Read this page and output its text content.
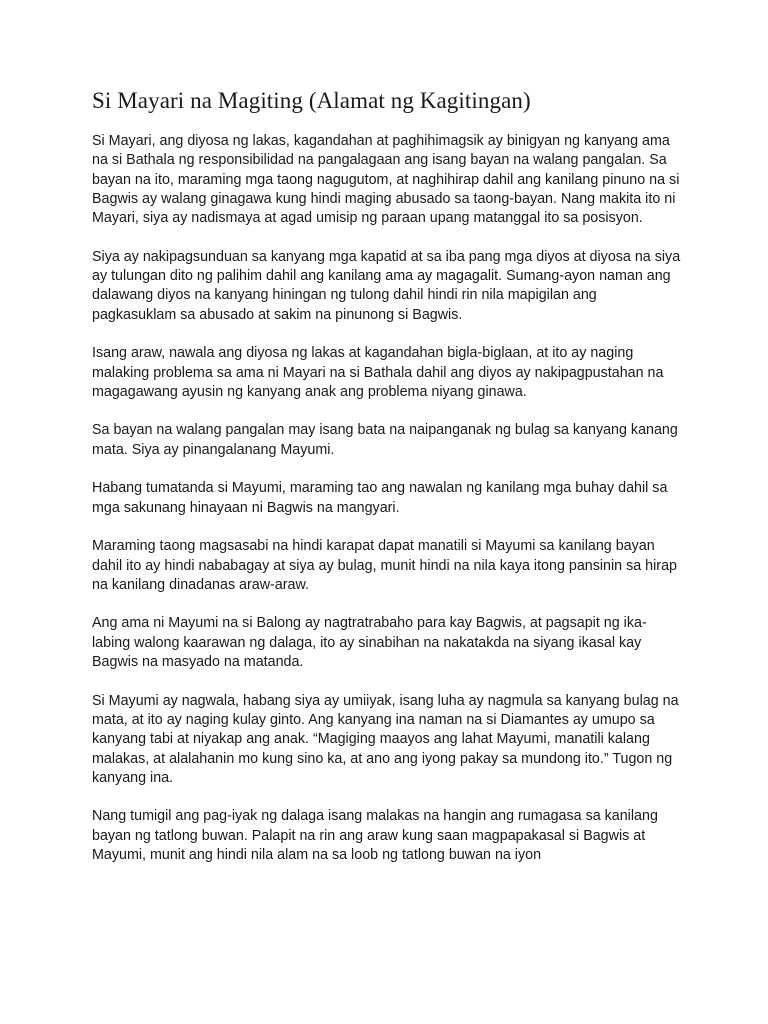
Si Mayari na Magiting (Alamat ng Kagitingan)

Si Mayari, ang diyosa ng lakas, kagandahan at paghihimagsik ay binigyan ng kanyang ama na si Bathala ng responsibilidad na pangalagaan ang isang bayan na walang pangalan. Sa bayan na ito, maraming mga taong nagugutom, at naghihirap dahil ang kanilang pinuno na si Bagwis ay walang ginagawa kung hindi maging abusado sa taong-bayan. Nang makita ito ni Mayari, siya ay nadismaya at agad umisip ng paraan upang matanggal ito sa posisyon.

Siya ay nakipagsunduan sa kanyang mga kapatid at sa iba pang mga diyos at diyosa na siya ay tulungan dito ng palihim dahil ang kanilang ama ay magagalit. Sumang-ayon naman ang dalawang diyos na kanyang hiningan ng tulong dahil hindi rin nila mapigilan ang pagkasuklam sa abusado at sakim na pinunong si Bagwis.

Isang araw, nawala ang diyosa ng lakas at kagandahan bigla-biglaan, at ito ay naging malaking problema sa ama ni Mayari na si Bathala dahil ang diyos ay nakipagpustahan na magagawang ayusin ng kanyang anak ang problema niyang ginawa.

Sa bayan na walang pangalan may isang bata na naipanganak ng bulag sa kanyang kanang mata. Siya ay pinangalanang Mayumi.

Habang tumatanda si Mayumi, maraming tao ang nawalan ng kanilang mga buhay dahil sa mga sakunang hinayaan ni Bagwis na mangyari.

Maraming taong magsasabi na hindi karapat dapat manatili si Mayumi sa kanilang bayan dahil ito ay hindi nababagay at siya ay bulag, munit hindi na nila kaya itong pansinin sa hirap na kanilang dinadanas araw-araw.

Ang ama ni Mayumi na si Balong ay nagtratrabaho para kay Bagwis, at pagsapit ng ika-labing walong kaarawan ng dalaga, ito ay sinabihan na nakatakda na siyang ikasal kay Bagwis na masyado na matanda.

Si Mayumi ay nagwala, habang siya ay umiiyak, isang luha ay nagmula sa kanyang bulag na mata, at ito ay naging kulay ginto. Ang kanyang ina naman na si Diamantes ay umupo sa kanyang tabi at niyakap ang anak. “Magiging maayos ang lahat Mayumi, manatili kalang malakas, at alalahanin mo kung sino ka, at ano ang iyong pakay sa mundong ito.” Tugon ng kanyang ina.

Nang tumigil ang pag-iyak ng dalaga isang malakas na hangin ang rumagasa sa kanilang bayan ng tatlong buwan. Palapit na rin ang araw kung saan magpapakasal si Bagwis at Mayumi, munit ang hindi nila alam na sa loob ng tatlong buwan na iyon
